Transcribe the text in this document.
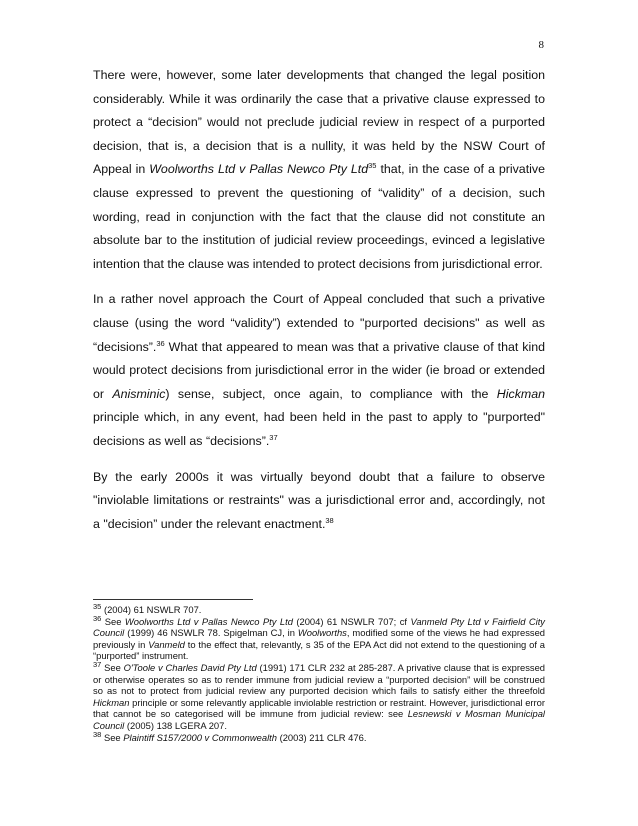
8

There were, however, some later developments that changed the legal position considerably. While it was ordinarily the case that a privative clause expressed to protect a “decision” would not preclude judicial review in respect of a purported decision, that is, a decision that is a nullity, it was held by the NSW Court of Appeal in Woolworths Ltd v Pallas Newco Pty Ltd$^{35}$ that, in the case of a privative clause expressed to prevent the questioning of “validity” of a decision, such wording, read in conjunction with the fact that the clause did not constitute an absolute bar to the institution of judicial review proceedings, evinced a legislative intention that the clause was intended to protect decisions from jurisdictional error.

In a rather novel approach the Court of Appeal concluded that such a privative clause (using the word “validity”) extended to "purported decisions" as well as “decisions”.$^{36}$ What that appeared to mean was that a privative clause of that kind would protect decisions from jurisdictional error in the wider (ie broad or extended or Anisminic) sense, subject, once again, to compliance with the Hickman principle which, in any event, had been held in the past to apply to "purported" decisions as well as “decisions”.$^{37}$

By the early 2000s it was virtually beyond doubt that a failure to observe "inviolable limitations or restraints" was a jurisdictional error and, accordingly, not a "decision” under the relevant enactment.$^{38}$

$^{35}$ (2004) 61 NSWLR 707.

$^{36}$ See Woolworths Ltd v Pallas Newco Pty Ltd (2004) 61 NSWLR 707; cf Vanmeld Pty Ltd v Fairfield City Council (1999) 46 NSWLR 78. Spigelman CJ, in Woolworths, modified some of the views he had expressed previously in Vanmeld to the effect that, relevantly, s 35 of the EPA Act did not extend to the questioning of a “purported” instrument.

$^{37}$ See O'Toole v Charles David Pty Ltd (1991) 171 CLR 232 at 285-287. A privative clause that is expressed or otherwise operates so as to render immune from judicial review a “purported decision” will be construed so as not to protect from judicial review any purported decision which fails to satisfy either the threefold Hickman principle or some relevantly applicable inviolable restriction or restraint. However, jurisdictional error that cannot be so categorised will be immune from judicial review: see Lesnewski v Mosman Municipal Council (2005) 138 LGERA 207.

$^{38}$ See Plaintiff S157/2000 v Commonwealth (2003) 211 CLR 476.
